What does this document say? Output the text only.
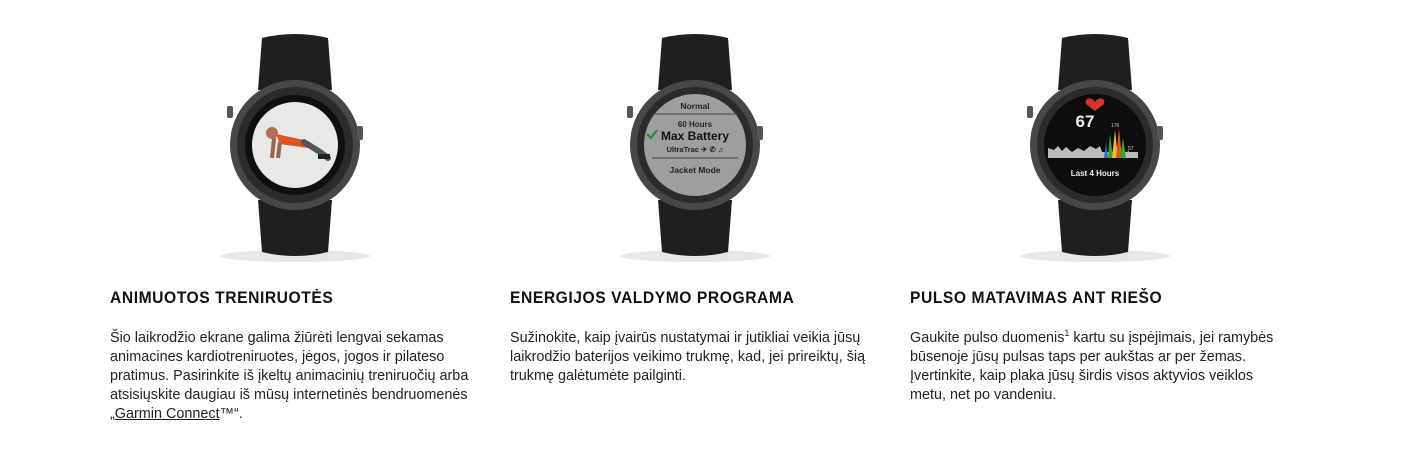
ANIMUOTOS TRENIRUOTĖS

Šio laikrodžio ekrane galima žiūrėti lengvai sekamas animacines kardiotreniruotes, jėgos, jogos ir pilateso pratimus. Pasirinkite iš įkeltų animacinių treniruočių arba atsisiųskite daugiau iš mūsų internetinės bendruomenės „Garmin Connect™“.

Normal
60 Hours
Max Battery
UltraTrac ✈ ✆ ♫
Jacket Mode
ENERGIJOS VALDYMO PROGRAMA

Sužinokite, kaip įvairūs nustatymai ir jutikliai veikia jūsų laikrodžio baterijos veikimo trukmę, kad, jei prireiktų, šią trukmę galėtumėte pailginti.

67	176
57
Last 4 Hours
PULSO MATAVIMAS ANT RIEŠO

Gaukite pulso duomenis$^1$ kartu su įspėjimais, jei ramybės būsenoje jūsų pulsas taps per aukštas ar per žemas. Įvertinkite, kaip plaka jūsų širdis visos aktyvios veiklos metu, net po vandeniu.
